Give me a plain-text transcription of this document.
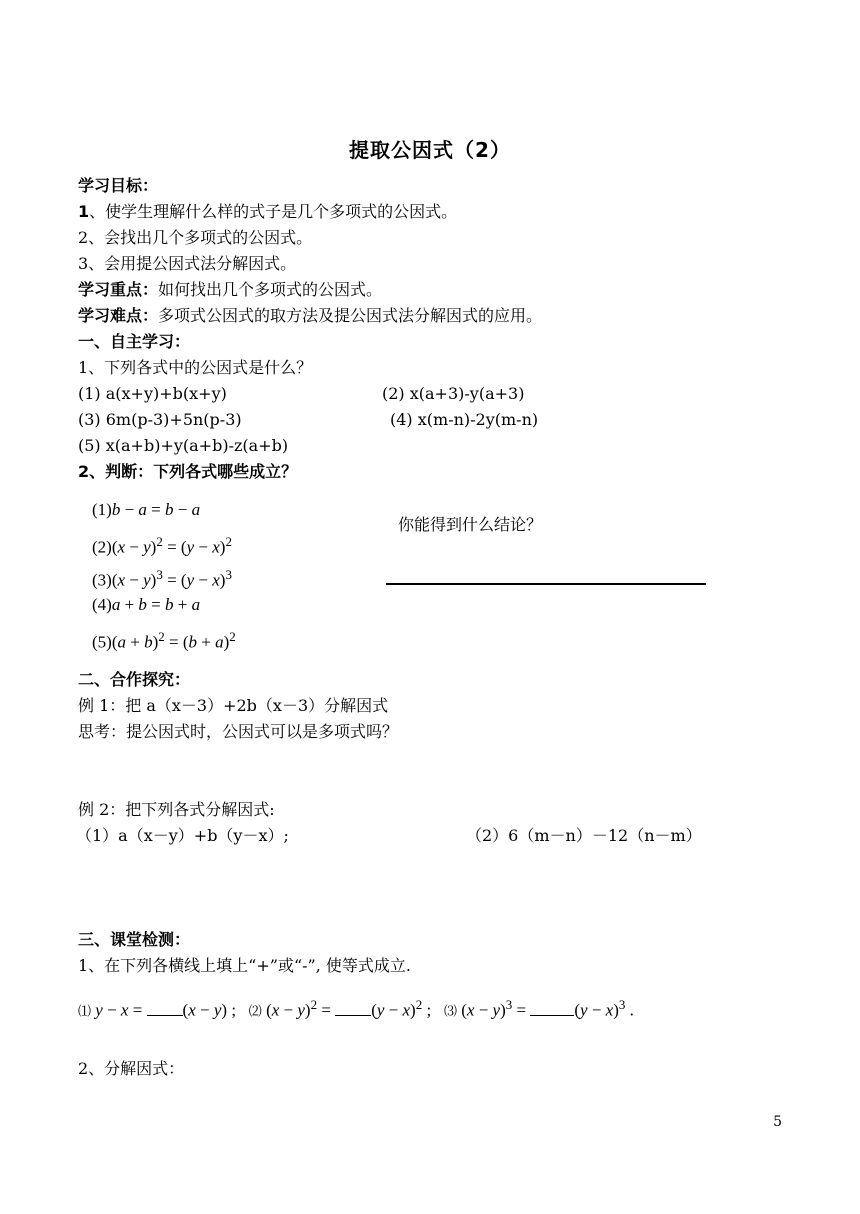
提取公因式（2）
学习目标：
1、使学生理解什么样的式子是几个多项式的公因式。
2、会找出几个多项式的公因式。
3、会用提公因式法分解因式。
学习重点：如何找出几个多项式的公因式。
学习难点：多项式公因式的取方法及提公因式法分解因式的应用。
一、自主学习：
1、下列各式中的公因式是什么？
(1) a(x+y)+b(x+y)	(2) x(a+3)-y(a+3)
(3) 6m(p-3)+5n(p-3)	(4) x(m-n)-2y(m-n)
(5) x(a+b)+y(a+b)-z(a+b)
2、判断：下列各式哪些成立？
(1)b − a = b − a
$(2)(x - y)^2 = (y - x)^2$
$(3)(x - y)^3 = (y - x)^3$
(4)a + b = b + a
$(5)(a + b)^2 = (b + a)^2$
你能得到什么结论？
二、合作探究：
例 1：把 a（x－3）+2b（x－3）分解因式
思考：提公因式时，公因式可以是多项式吗？
例 2：把下列各式分解因式:
（1）a（x－y）+b（y－x）;	（2）6（m－n）－12（n－m）
三、课堂检测：
1、在下列各横线上填上“+”或“-”, 使等式成立.
⑴ y − x = (x − y) ;   ⑵ $(x - y)^2 = (y - x)^2$ ;   ⑶ $(x - y)^3$ =	$(y - x)^3$ .
2、分解因式：
5
